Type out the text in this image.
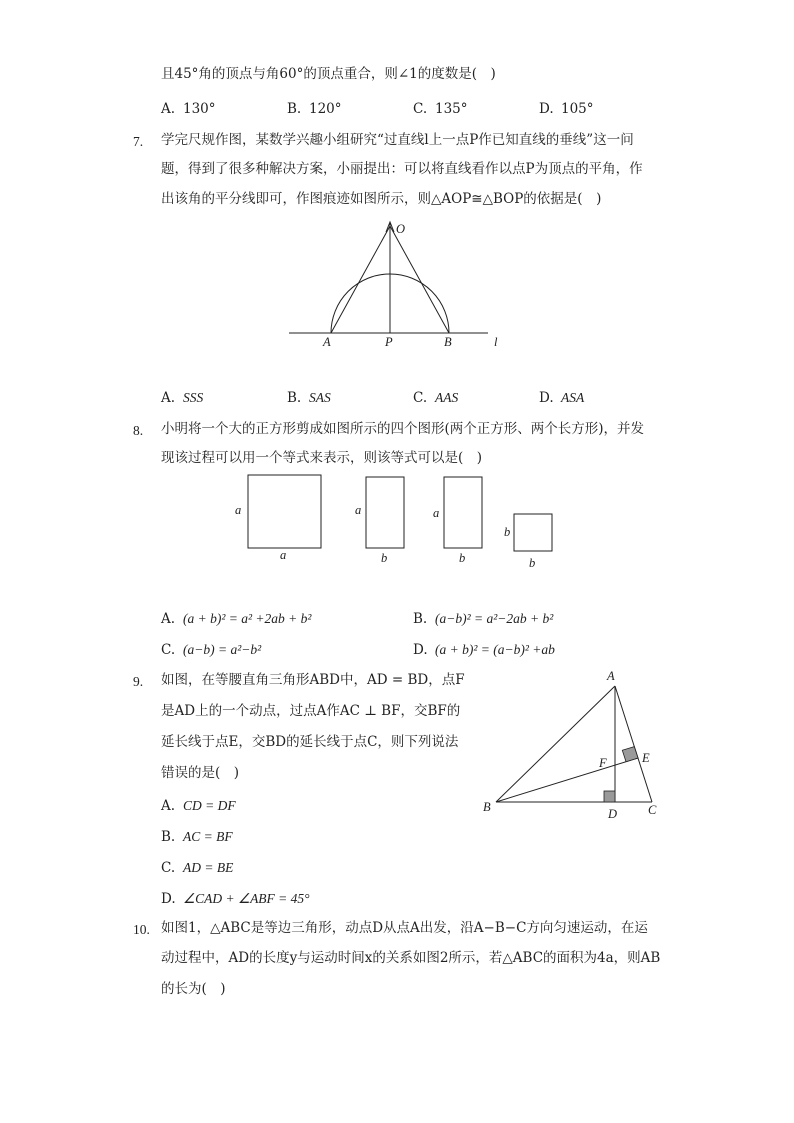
且45°角的顶点与角60°的顶点重合，则∠1的度数是(　)
A. 130°	B. 120°	C. 135°	D. 105°
7. 学完尺规作图，某数学兴趣小组研究“过直线l上一点P作已知直线的垂线”这一问
题，得到了很多种解决方案，小丽提出：可以将直线看作以点P为顶点的平角，作
出该角的平分线即可，作图痕迹如图所示，则△AOP≅△BOP的依据是(　)
O
A	P	B	l
A. SSS	B. SAS	C. AAS	D. ASA
8. 小明将一个大的正方形剪成如图所示的四个图形(两个正方形、两个长方形)，并发
现该过程可以用一个等式来表示，则该等式可以是(　)
a
a
a
b
a
b
b
b
A. (a + b)² = a² +2ab + b²	B. (a−b)² = a²−2ab + b²
C. (a−b) = a²−b²	D. (a + b)² = (a−b)² +ab
9. 如图，在等腰直角三角形ABD中，AD = BD，点F
是AD上的一个动点，过点A作AC ⊥ BF，交BF的
延长线于点E，交BD的延长线于点C，则下列说法
错误的是(　)
A. CD = DF
B. AC = BF
C. AD = BE
D. ∠CAD + ∠ABF = 45°
A
B	C
D
E
F
10. 如图1，△ABC是等边三角形，动点D从点A出发，沿A−B−C方向匀速运动，在运
动过程中，AD的长度y与运动时间x的关系如图2所示，若△ABC的面积为4a，则AB
的长为(　)
